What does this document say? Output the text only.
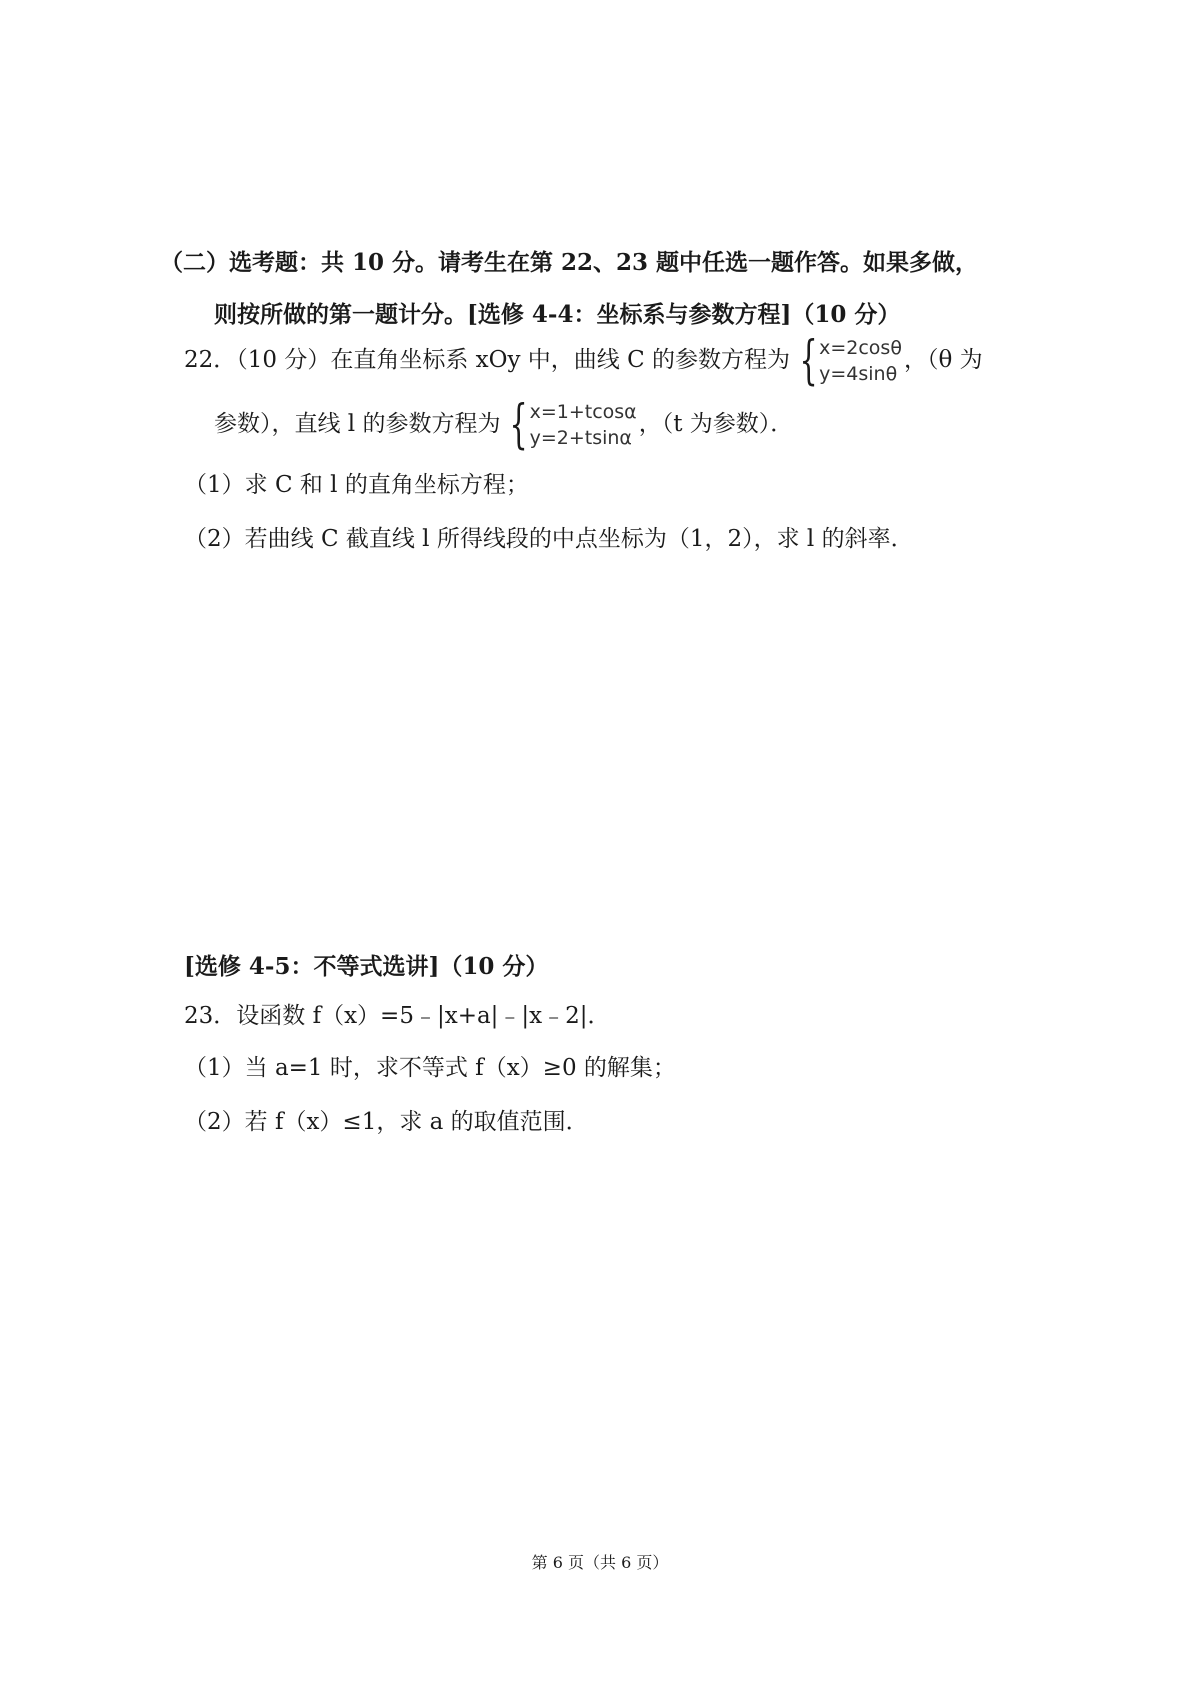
（二）选考题：共 10 分。请考生在第 22、23 题中任选一题作答。如果多做，
则按所做的第一题计分。[选修 4-4：坐标系与参数方程]（10 分）
22．（10 分）在直角坐标系 xOy 中，曲线 C 的参数方程为 { x=2cosθ
y=4sinθ
，（θ 为
参数），直线 l 的参数方程为 { x=1+tcosα
y=2+tsinα
，（t 为参数）．
（1）求 C 和 l 的直角坐标方程；
（2）若曲线 C 截直线 l 所得线段的中点坐标为（1，2），求 l 的斜率．
[选修 4-5：不等式选讲]（10 分）
23．设函数 f（x）=5﹣|x+a|﹣|x﹣2|．
（1）当 a=1 时，求不等式 f（x）≥0 的解集；
（2）若 f（x）≤1，求 a 的取值范围．
第 6 页（共 6 页）
